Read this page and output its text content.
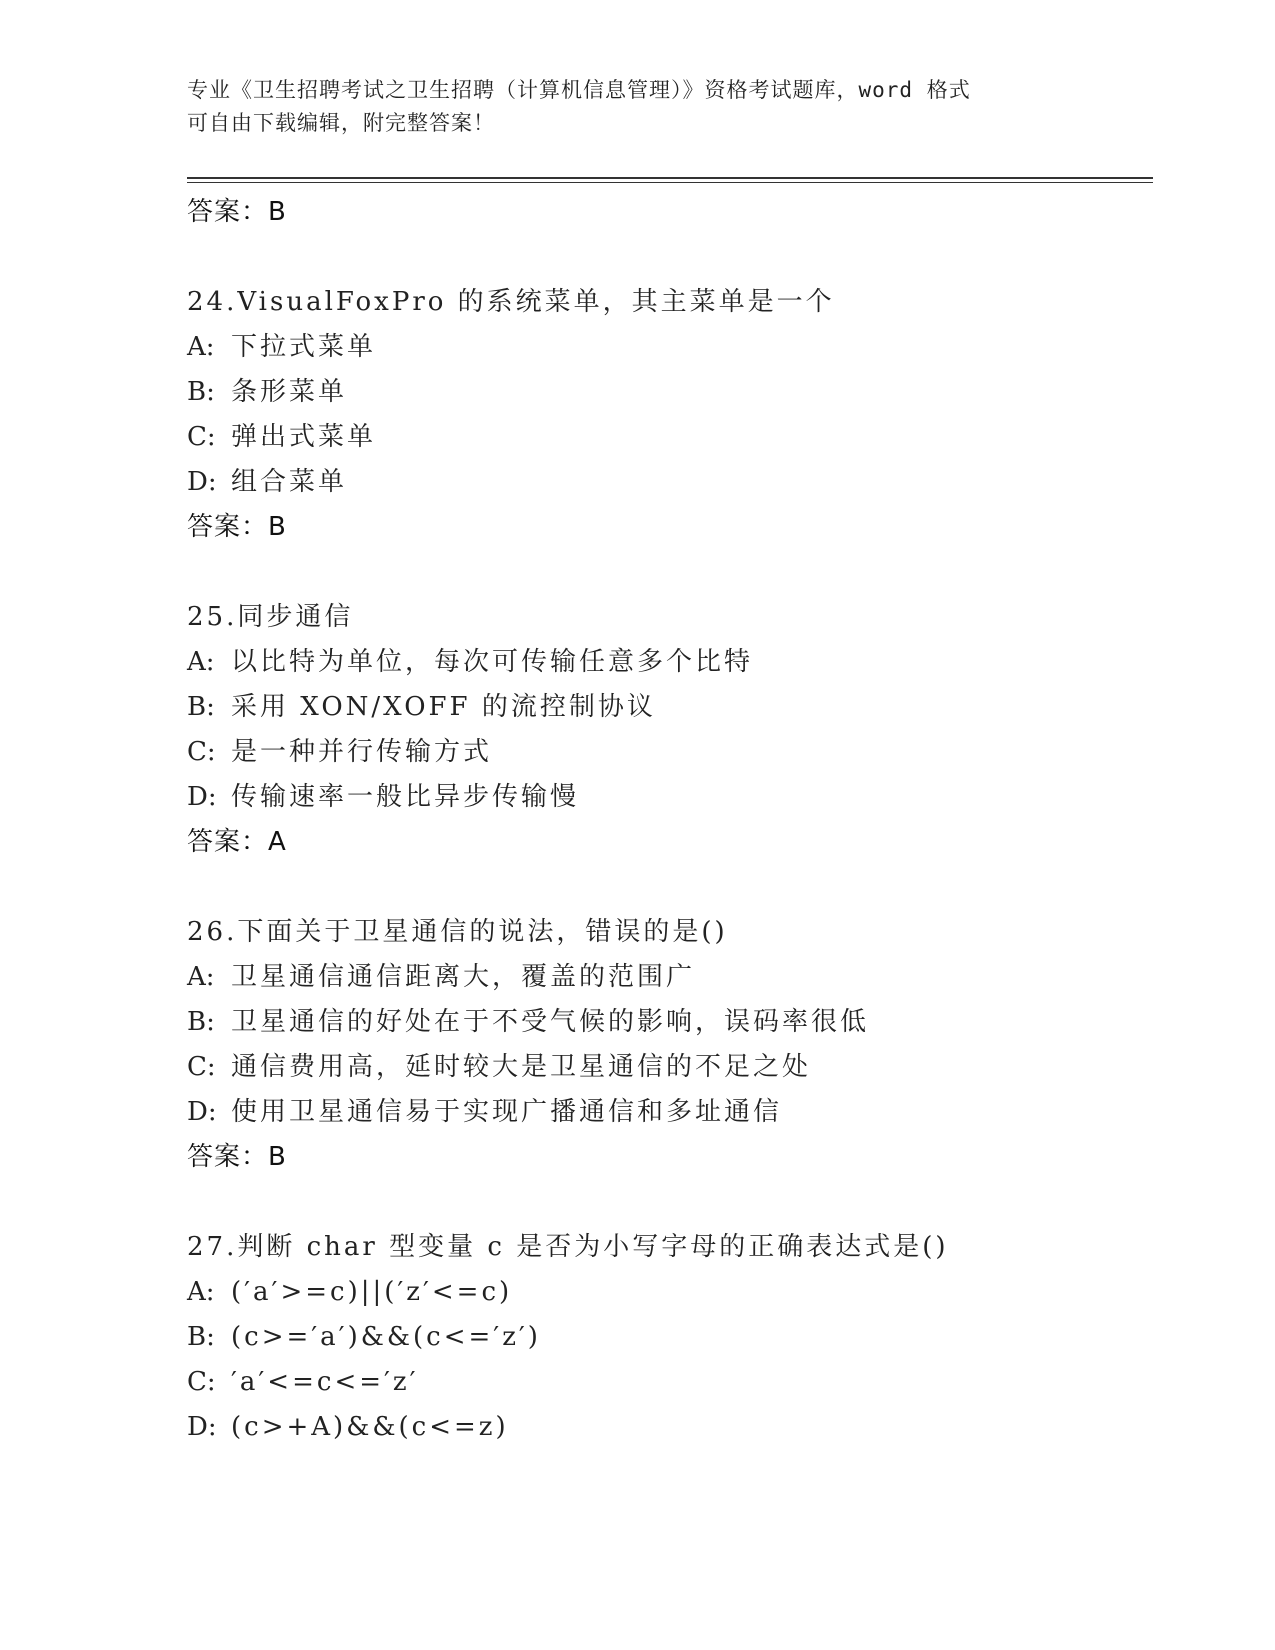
专业《卫生招聘考试之卫生招聘（计算机信息管理）》资格考试题库，word 格式
可自由下载编辑，附完整答案！
答案：B
24.VisualFoxPro 的系统菜单，其主菜单是一个
A: 下拉式菜单
B: 条形菜单
C: 弹出式菜单
D: 组合菜单
答案：B
25.同步通信
A: 以比特为单位，每次可传输任意多个比特
B: 采用 XON/XOFF 的流控制协议
C: 是一种并行传输方式
D: 传输速率一般比异步传输慢
答案：A
26.下面关于卫星通信的说法，错误的是()
A: 卫星通信通信距离大，覆盖的范围广
B: 卫星通信的好处在于不受气候的影响，误码率很低
C: 通信费用高，延时较大是卫星通信的不足之处
D: 使用卫星通信易于实现广播通信和多址通信
答案：B
27.判断 char 型变量 c 是否为小写字母的正确表达式是()
A: (′a′>=c)||(′z′<=c)
B: (c>=′a′)&&(c<=′z′)
C: ′a′<=c<=′z′
D: (c>+A)&&(c<=z)
